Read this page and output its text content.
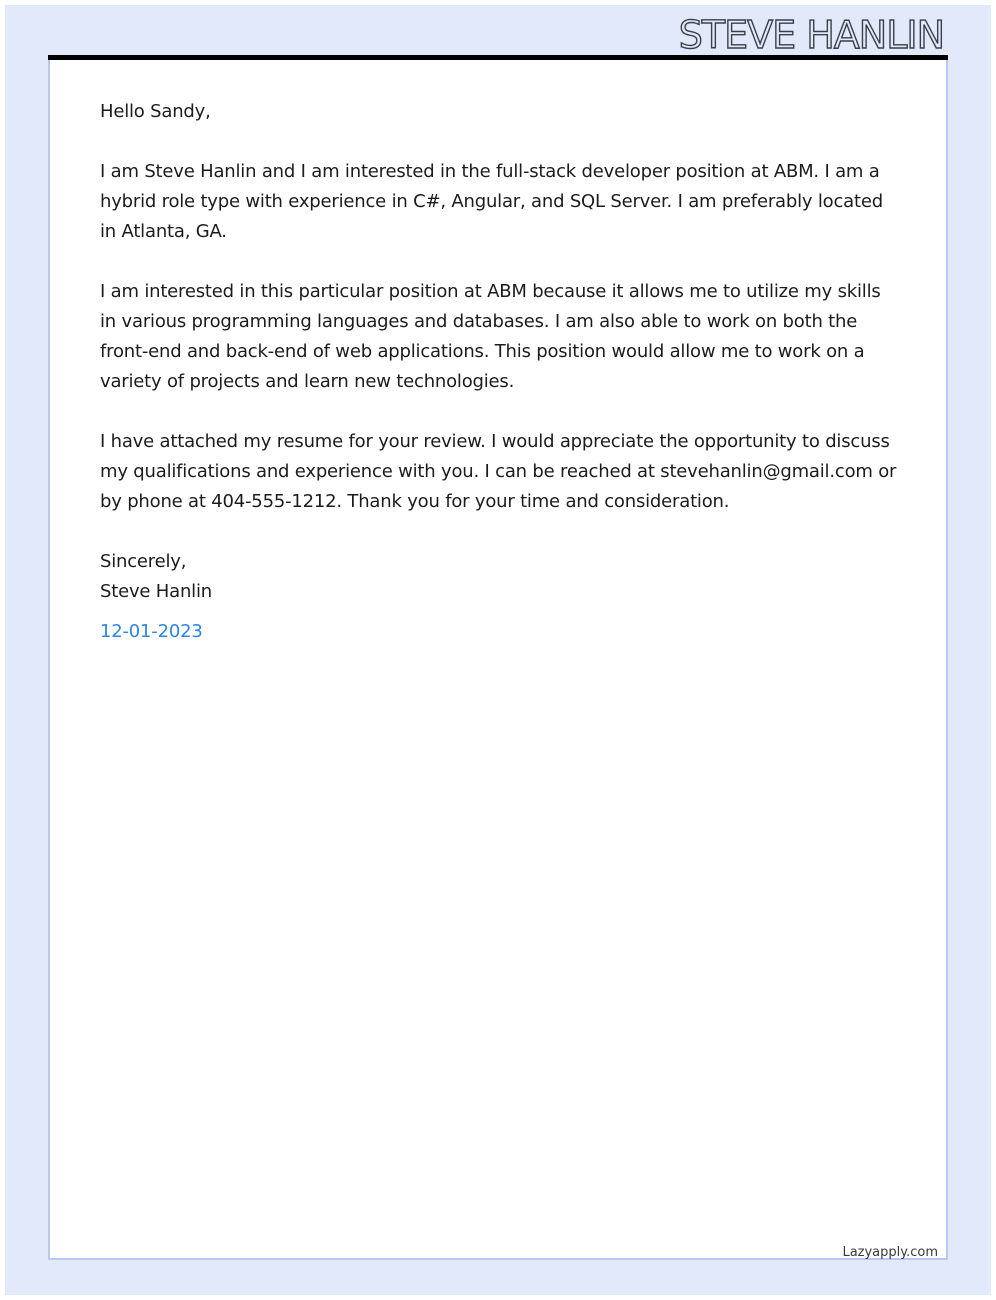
STEVE HANLIN

Hello Sandy,

I am Steve Hanlin and I am interested in the full-stack developer position at ABM. I am a hybrid role type with experience in C#, Angular, and SQL Server. I am preferably located in Atlanta, GA.

I am interested in this particular position at ABM because it allows me to utilize my skills in various programming languages and databases. I am also able to work on both the front-end and back-end of web applications. This position would allow me to work on a variety of projects and learn new technologies.

I have attached my resume for your review. I would appreciate the opportunity to discuss my qualifications and experience with you. I can be reached at stevehanlin@gmail.com or by phone at 404-555-1212. Thank you for your time and consideration.

Sincerely,
Steve Hanlin
12-01-2023

Lazyapply.com
